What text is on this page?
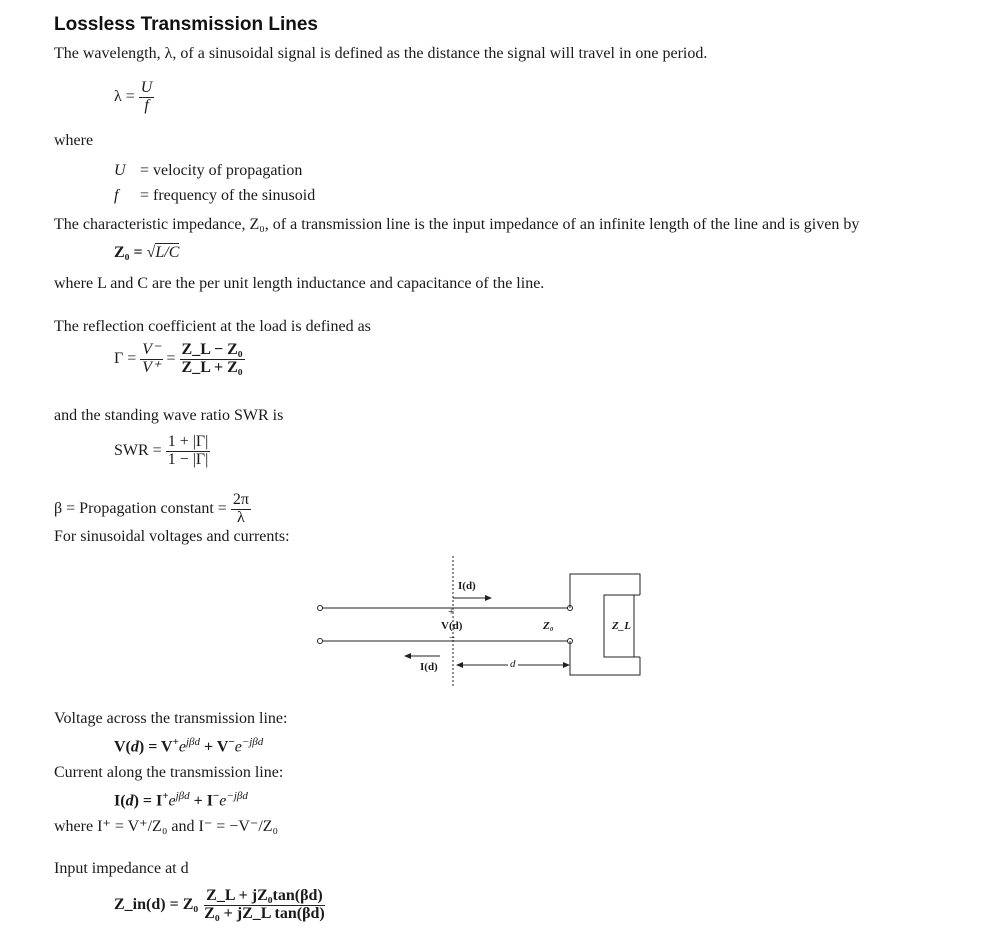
Lossless Transmission Lines
The wavelength, λ, of a sinusoidal signal is defined as the distance the signal will travel in one period.
$\lambda = \frac{U}{f}$
where
U = velocity of propagation
f = frequency of the sinusoid
The characteristic impedance, Z₀, of a transmission line is the input impedance of an infinite length of the line and is given by
Z₀ = √L/C
where L and C are the per unit length inductance and capacitance of the line.
The reflection coefficient at the load is defined as
$\Gamma = \frac{V^-}{V^+} = \frac{\text{Z\_L − Z₀}}{\text{Z\_L + Z₀}}$
and the standing wave ratio SWR is
SWR = $\frac{1 + |\Gamma|}{1 - |\Gamma|}$
β = Propagation constant = $\frac{2\pi}{\lambda}$
For sinusoidal voltages and currents:
I(d)
+
V(d)
−
Z₀	Z_L
I(d)	d
Voltage across the transmission line:
$V(d) = V^+e^{j\beta d} + V^-e^{-j\beta d}$
Current along the transmission line:
$I(d) = I^+e^{j\beta d} + I^-e^{-j\beta d}$
where I⁺ = V⁺/Z₀ and I⁻ = −V⁻/Z₀
Input impedance at d
Z_in(d) = $Z_0 \frac{\text{Z\_L + jZ₀tan(βd)}}{\text{Z₀ + jZ\_L tan(βd)}}$
